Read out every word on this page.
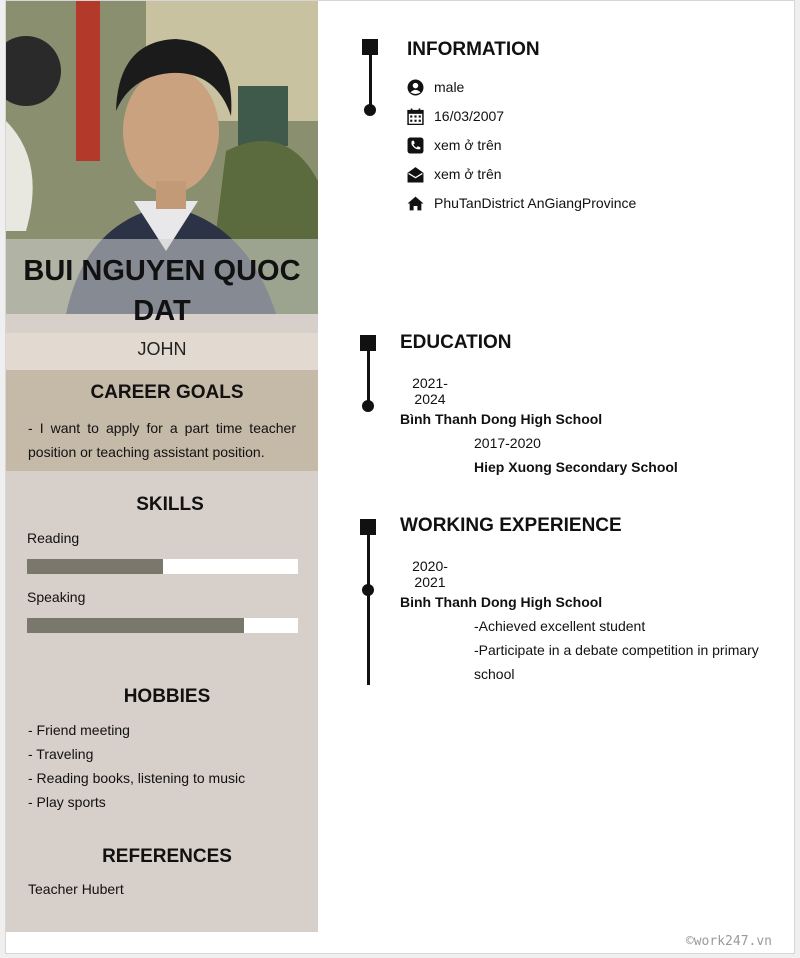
BUI NGUYEN QUOC DAT
JOHN
CAREER GOALS
- I want to apply for a part time teacher position or teaching assistant position.
SKILLS
Reading
Speaking
HOBBIES
- Friend meeting
- Traveling
- Reading books, listening to music
- Play sports
REFERENCES
Teacher Hubert
INFORMATION
male
16/03/2007
xem ở trên
xem ở trên
PhuTanDistrict AnGiangProvince
EDUCATION
2021-
2024
Bình Thanh Dong High School
2017-2020
Hiep Xuong Secondary School
WORKING EXPERIENCE
2020-
2021
Binh Thanh Dong High School
-Achieved excellent student
-Participate in a debate competition in primary
school
©work247.vn
